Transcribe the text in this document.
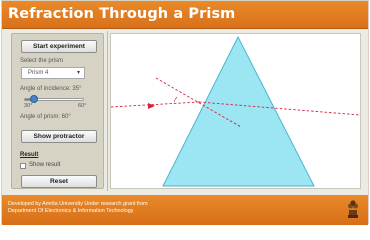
Refraction Through a Prism
Start experiment
Select the prism
Prism 4	▾
Angle of incidence: 35°
30°	60°
Angle of prism: 60°
Show protractor
Result
Show result
Reset
Developed by Amrita University Under research grant from
Department Of Electronics & Information Technology
